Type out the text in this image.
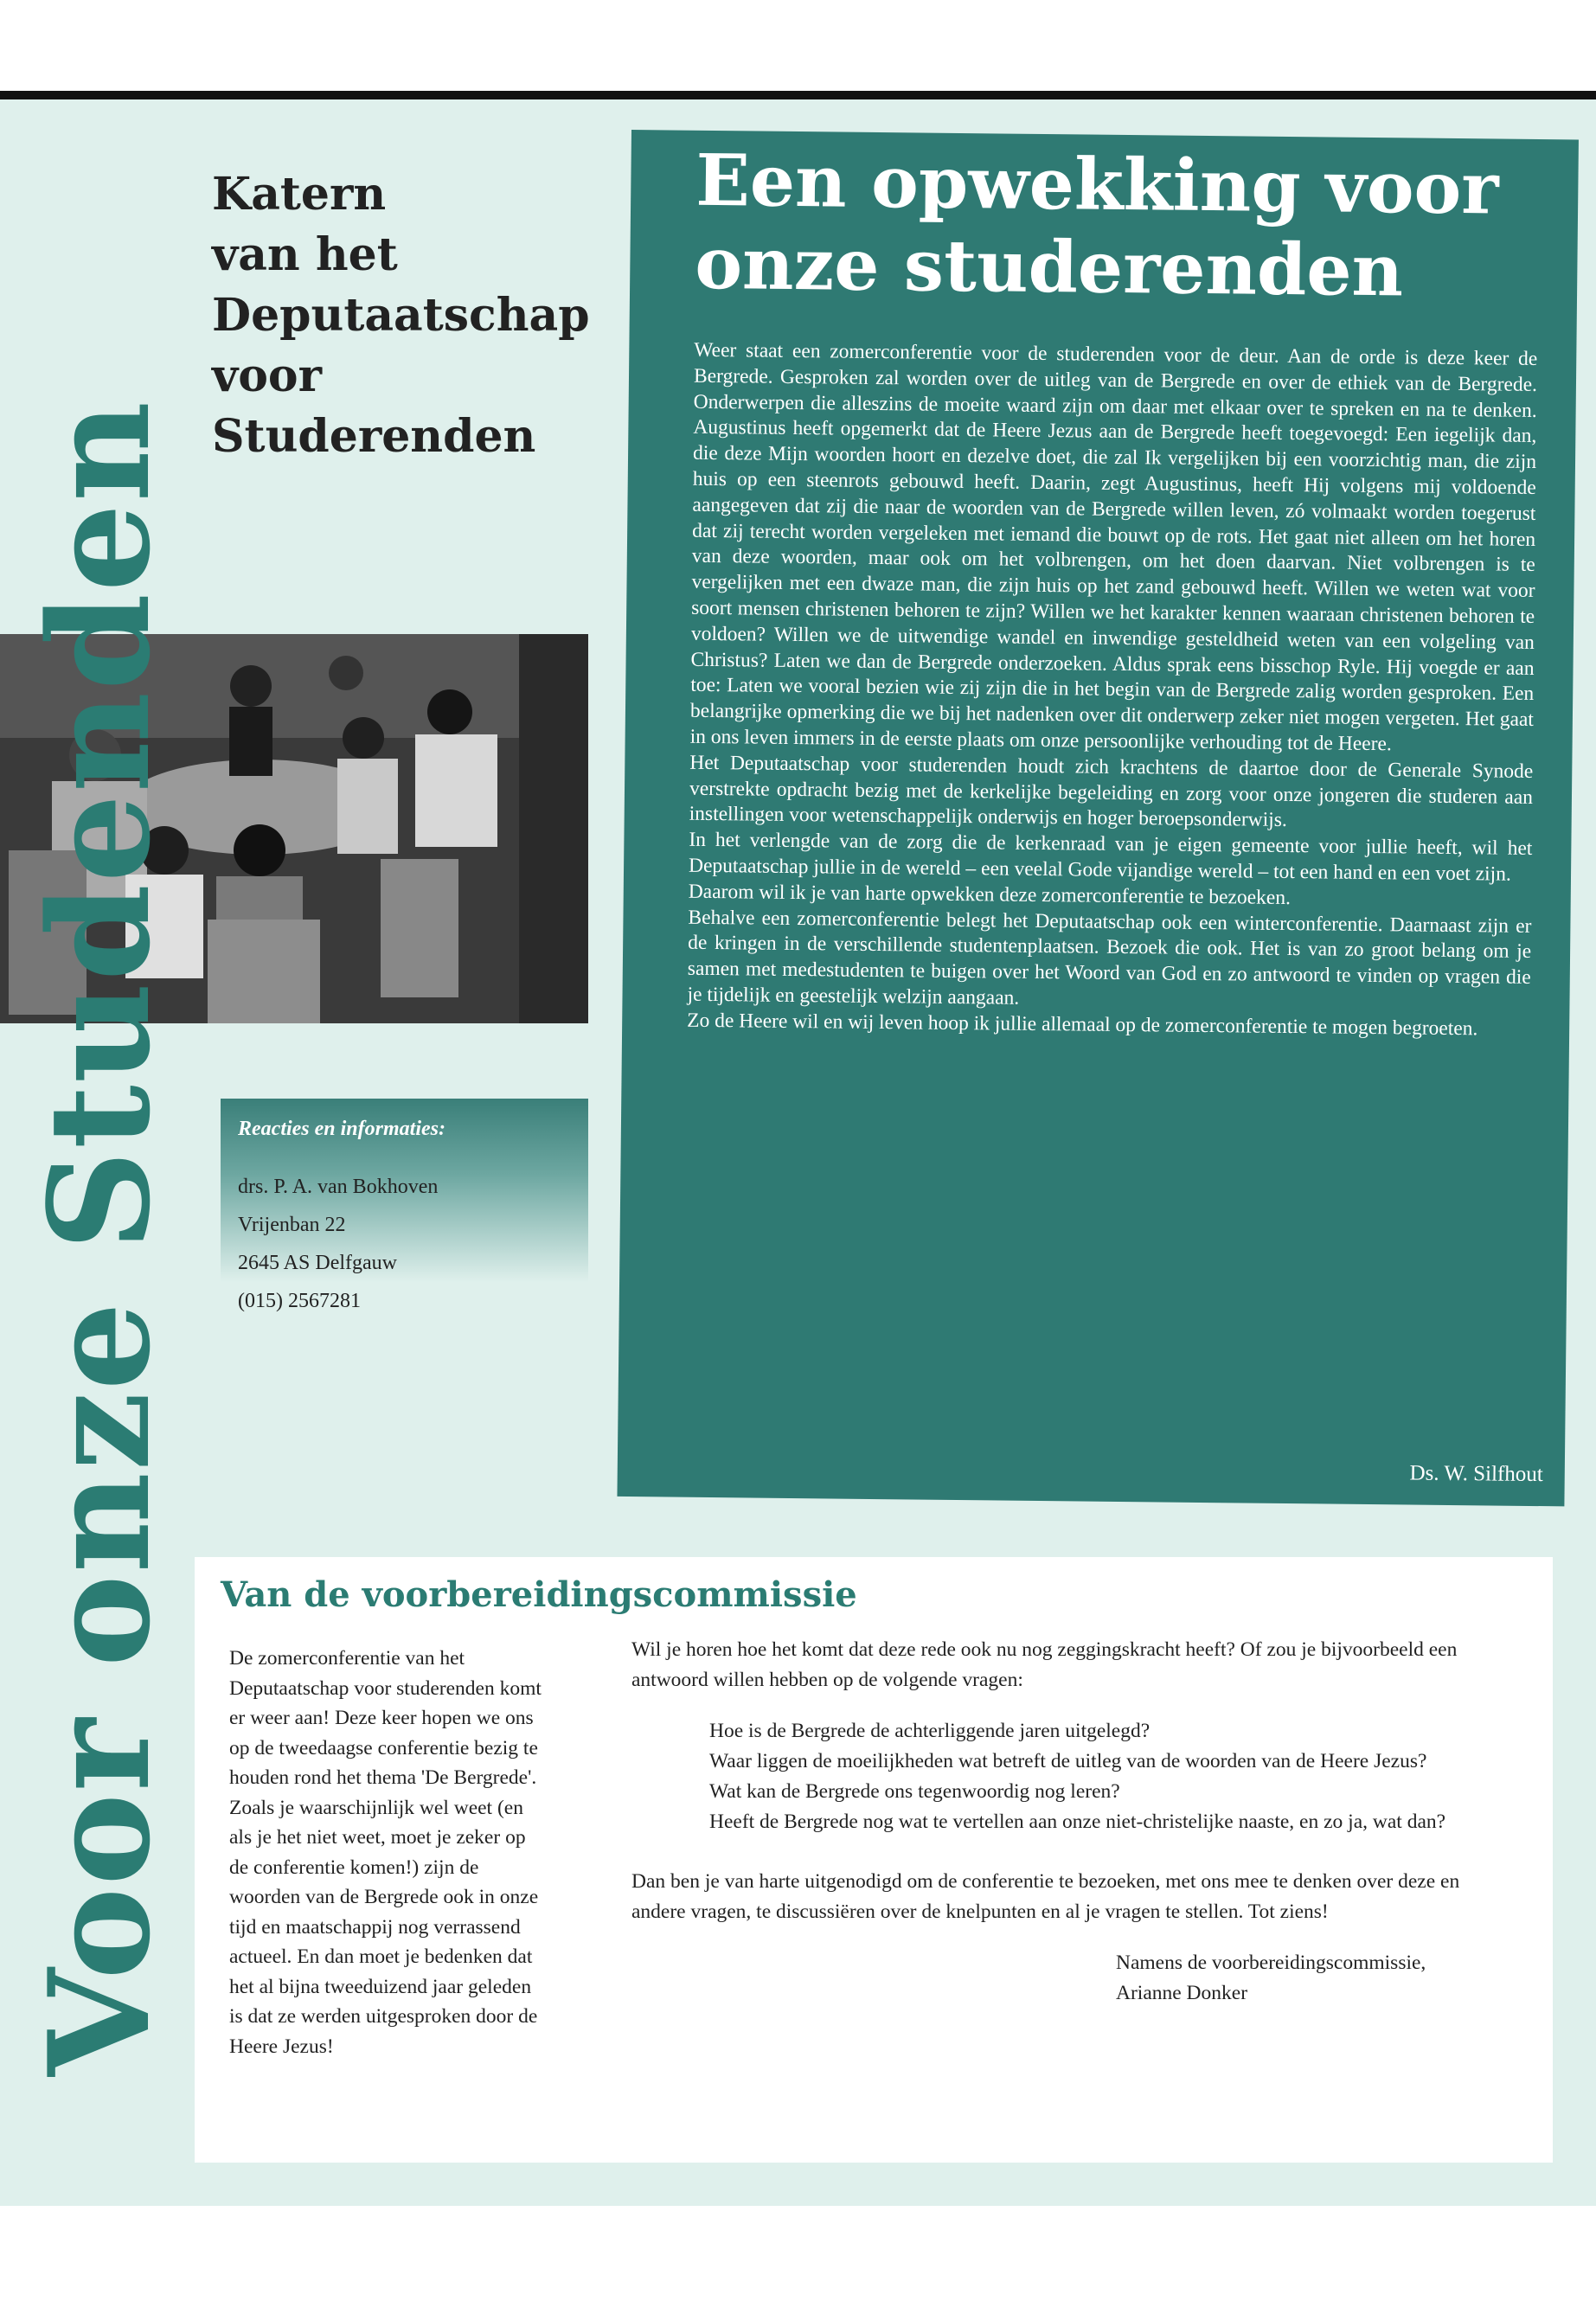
Voor onze Studenden
Katern
van het
Deputaatschap
voor
Studerenden
Reacties en informaties:
drs. P. A. van Bokhoven
Vrijenban 22
2645 AS Delfgauw
(015) 2567281
Een opwekking voor onze studerenden

Weer staat een zomerconferentie voor de studerenden voor de deur. Aan de orde is deze keer de Bergrede. Gesproken zal worden over de uitleg van de Bergrede en over de ethiek van de Bergrede. Onderwerpen die alleszins de moeite waard zijn om daar met elkaar over te spreken en na te denken. Augustinus heeft opgemerkt dat de Heere Jezus aan de Bergrede heeft toegevoegd: Een iegelijk dan, die deze Mijn woorden hoort en dezelve doet, die zal Ik vergelijken bij een voorzichtig man, die zijn huis op een steenrots gebouwd heeft. Daarin, zegt Augustinus, heeft Hij volgens mij voldoende aangegeven dat zij die naar de woorden van de Bergrede willen leven, zó volmaakt worden toegerust dat zij terecht worden vergeleken met iemand die bouwt op de rots. Het gaat niet alleen om het horen van deze woorden, maar ook om het volbrengen, om het doen daarvan. Niet volbrengen is te vergelijken met een dwaze man, die zijn huis op het zand gebouwd heeft. Willen we weten wat voor soort mensen christenen behoren te zijn? Willen we het karakter kennen waaraan christenen behoren te voldoen? Willen we de uitwendige wandel en inwendige gesteldheid weten van een volgeling van Christus? Laten we dan de Bergrede onderzoeken. Aldus sprak eens bisschop Ryle. Hij voegde er aan toe: Laten we vooral bezien wie zij zijn die in het begin van de Bergrede zalig worden gesproken. Een belangrijke opmerking die we bij het nadenken over dit onderwerp zeker niet mogen vergeten. Het gaat in ons leven immers in de eerste plaats om onze persoonlijke verhouding tot de Heere.

Het Deputaatschap voor studerenden houdt zich krachtens de daartoe door de Generale Synode verstrekte opdracht bezig met de kerkelijke begeleiding en zorg voor onze jongeren die studeren aan instellingen voor wetenschappelijk onderwijs en hoger beroepsonderwijs.

In het verlengde van de zorg die de kerkenraad van je eigen gemeente voor jullie heeft, wil het Deputaatschap jullie in de wereld – een veelal Gode vijandige wereld – tot een hand en een voet zijn.

Daarom wil ik je van harte opwekken deze zomerconferentie te bezoeken.

Behalve een zomerconferentie belegt het Deputaatschap ook een winterconferentie. Daarnaast zijn er de kringen in de verschillende studentenplaatsen. Bezoek die ook. Het is van zo groot belang om je samen met medestudenten te buigen over het Woord van God en zo antwoord te vinden op vragen die je tijdelijk en geestelijk welzijn aangaan.

Zo de Heere wil en wij leven hoop ik jullie allemaal op de zomerconferentie te mogen begroeten.

Ds. W. Silfhout
Van de voorbereidingscommissie
De zomerconferentie van het Deputaatschap voor studerenden komt er weer aan! Deze keer hopen we ons op de tweedaagse conferentie bezig te houden rond het thema 'De Bergrede'. Zoals je waarschijnlijk wel weet (en als je het niet weet, moet je zeker op de conferentie komen!) zijn de woorden van de Bergrede ook in onze tijd en maatschappij nog verrassend actueel. En dan moet je bedenken dat het al bijna tweeduizend jaar geleden is dat ze werden uitgesproken door de Heere Jezus!

Wil je horen hoe het komt dat deze rede ook nu nog zeggingskracht heeft? Of zou je bijvoorbeeld een antwoord willen hebben op de volgende vragen:

Hoe is de Bergrede de achterliggende jaren uitgelegd?
Waar liggen de moeilijkheden wat betreft de uitleg van de woorden van de Heere Jezus?
Wat kan de Bergrede ons tegenwoordig nog leren?
Heeft de Bergrede nog wat te vertellen aan onze niet-christelijke naaste, en zo ja, wat dan?

Dan ben je van harte uitgenodigd om de conferentie te bezoeken, met ons mee te denken over deze en andere vragen, te discussiëren over de knelpunten en al je vragen te stellen. Tot ziens!

Namens de voorbereidingscommissie,
Arianne Donker
